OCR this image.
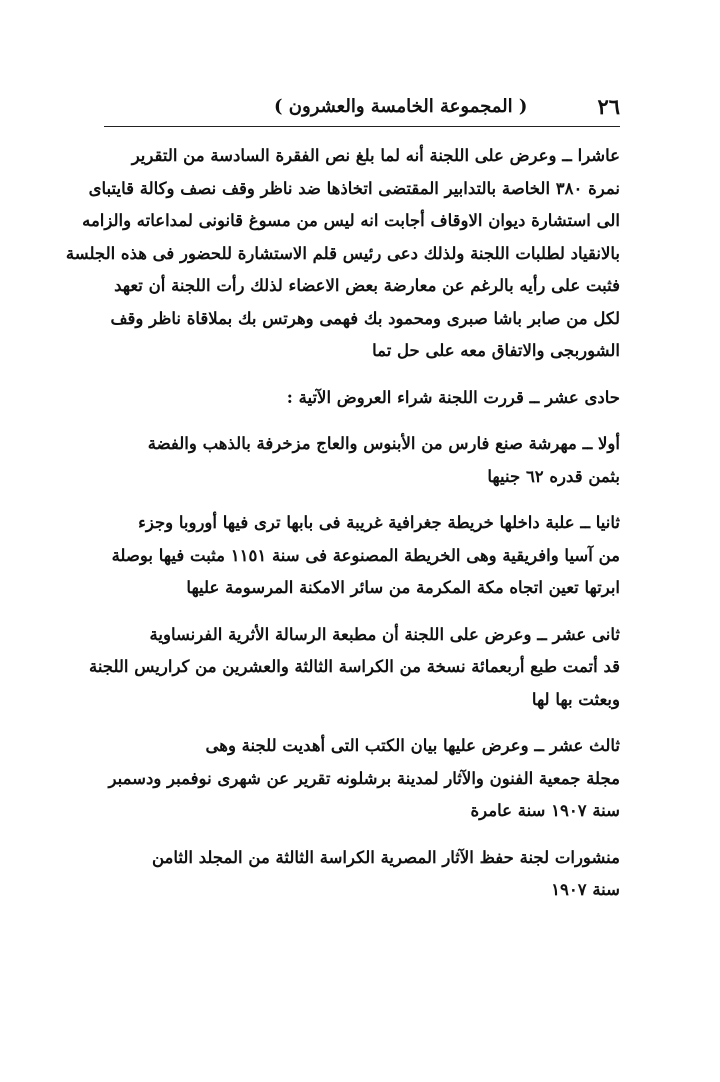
٢٦
( المجموعة الخامسة والعشرون )

عاشرا ــ وعرض على اللجنة أنه لما بلغ نص الفقرة السادسة من التقرير

نمرة ٣٨٠ الخاصة بالتدابير المقتضى اتخاذها ضد ناظر وقف نصف وكالة قايتباى

الى استشارة ديوان الاوقاف أجابت انه ليس من مسوغ قانونى لمداعاته والزامه

بالانقياد لطلبات اللجنة ولذلك دعى رئيس قلم الاستشارة للحضور فى هذه الجلسة

فثبت على رأيه بالرغم عن معارضة بعض الاعضاء لذلك رأت اللجنة أن تعهد

لكل من صابر باشا صبرى ومحمود بك فهمى وهرتس بك بملاقاة ناظر وقف

الشوربجى والاتفاق معه على حل تما

حادى عشر ــ قررت اللجنة شراء العروض الآتية :

أولا ــ مهرشة صنع فارس من الأبنوس والعاج مزخرفة بالذهب والفضة

بثمن قدره ٦٢ جنيها

ثانيا ــ علبة داخلها خريطة جغرافية غريبة فى بابها ترى فيها أوروبا وجزء

من آسيا وافريقية وهى الخريطة المصنوعة فى سنة ١١٥١ مثبت فيها بوصلة

ابرتها تعين اتجاه مكة المكرمة من سائر الامكنة المرسومة عليها

ثانى عشر ــ وعرض على اللجنة أن مطبعة الرسالة الأثرية الفرنساوية

قد أتمت طبع أربعمائة نسخة من الكراسة الثالثة والعشرين من كراريس اللجنة

وبعثت بها لها

ثالث عشر ــ وعرض عليها بيان الكتب التى أهديت للجنة وهى

مجلة جمعية الفنون والآثار لمدينة برشلونه تقرير عن شهرى نوفمبر ودسمبر

سنة ١٩٠٧ سنة عامرة

منشورات لجنة حفظ الآثار المصرية الكراسة الثالثة من المجلد الثامن

سنة ١٩٠٧
